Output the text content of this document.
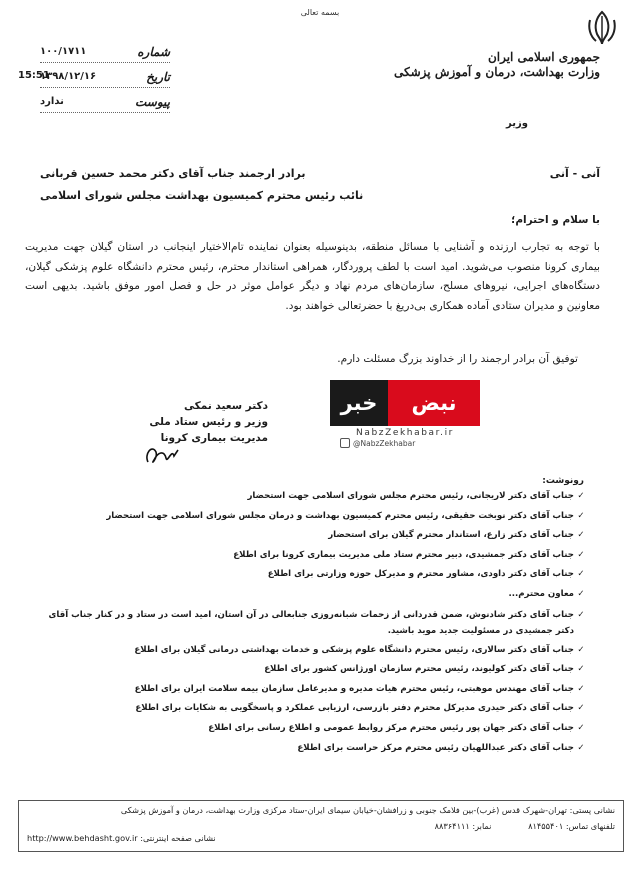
بسمه تعالی
جمهوری اسلامی ایران
وزارت بهداشت، درمان و آموزش پزشکی
وزیر
شماره
۱۰۰/۱۷۱۱
تاریخ
۱۳۹۸/۱۲/۱۶
پیوست
ندارد
15:51
برادر ارجمند جناب آقای دکتر محمد حسین قربانی	آنی - آنی
نائب رئیس محترم کمیسیون بهداشت مجلس شورای اسلامی
با سلام و احترام؛
با توجه به تجارب ارزنده و آشنایی با مسائل منطقه، بدینوسیله بعنوان نماینده تام‌الاختیار اینجانب در استان گیلان جهت مدیریت بیماری کرونا منصوب می‌شوید. امید است با لطف پروردگار، همراهی استاندار محترم، رئیس محترم دانشگاه علوم پزشکی گیلان، دستگاه‌های اجرایی، نیروهای مسلح، سازمان‌های مردم نهاد و دیگر عوامل موثر در حل و فصل امور موفق باشید. بدیهی است معاونین و مدیران ستادی آماده همکاری بی‌دریغ با حضرتعالی خواهند بود.
توفیق آن برادر ارجمند را از خداوند بزرگ مسئلت دارم.
خبر	نبض
NabzZekhabar.ir
@NabzZekhabar
دکتر سعید نمکی
وزیر و رئیس ستاد ملی
مدیریت بیماری کرونا
رونوشت:
✓
جناب آقای دکتر لاریجانی، رئیس محترم مجلس شورای اسلامی جهت استحضار
✓
جناب آقای دکتر نوبخت حقیقی، رئیس محترم کمیسیون بهداشت و درمان مجلس شورای اسلامی جهت استحضار
✓
جناب آقای دکتر زارع، استاندار محترم گیلان برای استحضار
✓
جناب آقای دکتر جمشیدی، دبیر محترم ستاد ملی مدیریت بیماری کرونا برای اطلاع
✓
جناب آقای دکتر داودی، مشاور محترم و مدیرکل حوزه وزارتی برای اطلاع
✓
معاون محترم...
✓
جناب آقای دکتر شادنوش، ضمن قدردانی از زحمات شبانه‌روزی جنابعالی در آن استان، امید است در ستاد و در کنار جناب آقای دکتر جمشیدی در مسئولیت جدید موید باشید.
✓
جناب آقای دکتر سالاری، رئیس محترم دانشگاه علوم پزشکی و خدمات بهداشتی درمانی گیلان برای اطلاع
✓
جناب آقای دکتر کولیوند، رئیس محترم سازمان اورژانس کشور برای اطلاع
✓
جناب آقای مهندس موهبتی، رئیس محترم هیات مدیره و مدیرعامل سازمان بیمه سلامت ایران برای اطلاع
✓
جناب آقای دکتر حیدری مدیرکل محترم دفتر بازرسی، ارزیابی عملکرد و پاسخگویی به شکایات برای اطلاع
✓
جناب آقای دکتر جهان پور رئیس محترم مرکز روابط عمومی و اطلاع رسانی برای اطلاع
✓
جناب آقای دکتر عبداللهیان رئیس محترم مرکز حراست برای اطلاع
نشانی پستی: تهران-شهرک قدس (غرب)-بین فلامک جنوبی و زرافشان-خیابان سیمای ایران-ستاد مرکزی وزارت بهداشت، درمان و آموزش پزشکی
تلفنهای تماس: ۸۱۴۵۵۴۰۱ نمابر: ۸۸۳۶۴۱۱۱
نشانی صفحه اینترنتی: http://www.behdasht.gov.ir
